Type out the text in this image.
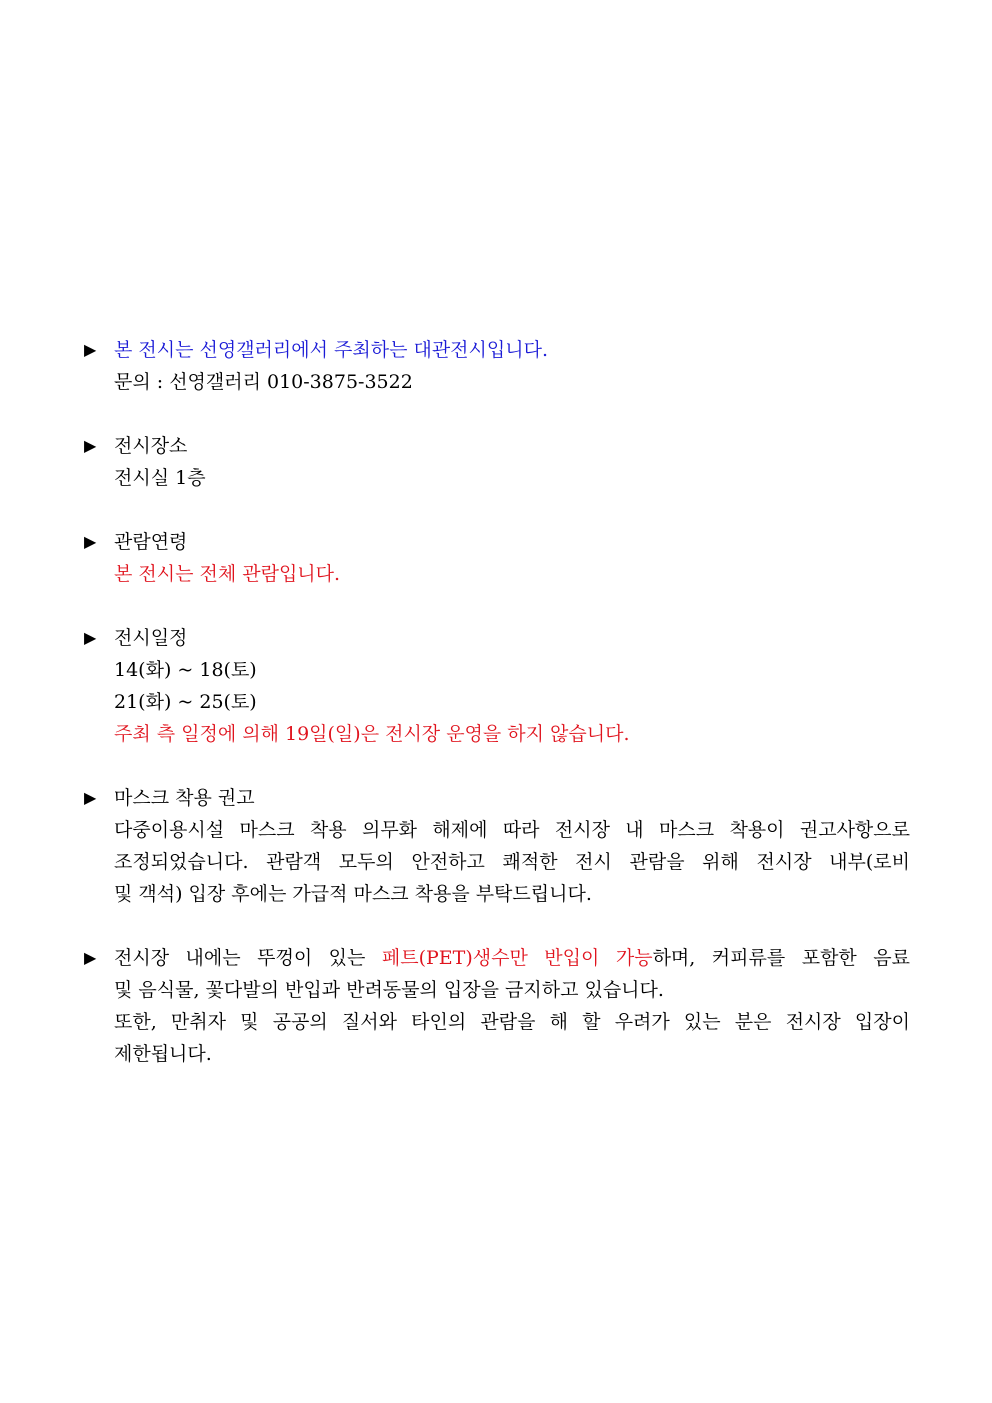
▶ 본 전시는 선영갤러리에서 주최하는 대관전시입니다.
문의 : 선영갤러리 010-3875-3522
▶ 전시장소
전시실 1층
▶ 관람연령
본 전시는 전체 관람입니다.
▶ 전시일정
14(화) ~ 18(토)
21(화) ~ 25(토)
주최 측 일정에 의해 19일(일)은 전시장 운영을 하지 않습니다.
▶ 마스크 착용 권고
다중이용시설 마스크 착용 의무화 해제에 따라 전시장 내 마스크 착용이 권고사항으로
조정되었습니다. 관람객 모두의 안전하고 쾌적한 전시 관람을 위해 전시장 내부(로비
및 객석) 입장 후에는 가급적 마스크 착용을 부탁드립니다.
▶ 전시장 내에는 뚜껑이 있는 페트(PET)생수만 반입이 가능하며, 커피류를 포함한 음료
및 음식물, 꽃다발의 반입과 반려동물의 입장을 금지하고 있습니다.
또한, 만취자 및 공공의 질서와 타인의 관람을 해 할 우려가 있는 분은 전시장 입장이
제한됩니다.
